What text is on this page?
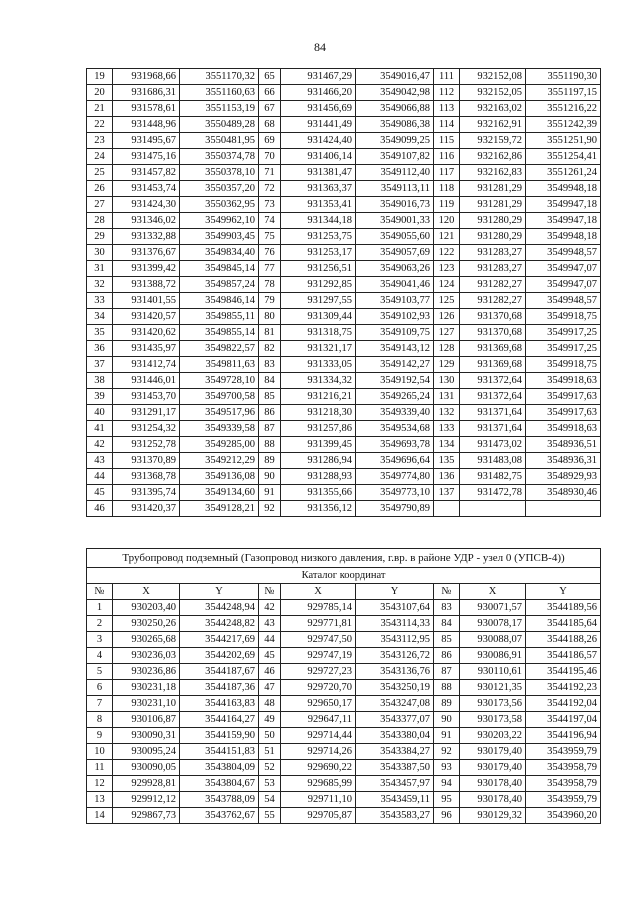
84
19	931968,66	3551170,32	65	931467,29	3549016,47	111	932152,08	3551190,30
20	931686,31	3551160,63	66	931466,20	3549042,98	112	932152,05	3551197,15
21	931578,61	3551153,19	67	931456,69	3549066,88	113	932163,02	3551216,22
22	931448,96	3550489,28	68	931441,49	3549086,38	114	932162,91	3551242,39
23	931495,67	3550481,95	69	931424,40	3549099,25	115	932159,72	3551251,90
24	931475,16	3550374,78	70	931406,14	3549107,82	116	932162,86	3551254,41
25	931457,82	3550378,10	71	931381,47	3549112,40	117	932162,83	3551261,24
26	931453,74	3550357,20	72	931363,37	3549113,11	118	931281,29	3549948,18
27	931424,30	3550362,95	73	931353,41	3549016,73	119	931281,29	3549947,18
28	931346,02	3549962,10	74	931344,18	3549001,33	120	931280,29	3549947,18
29	931332,88	3549903,45	75	931253,75	3549055,60	121	931280,29	3549948,18
30	931376,67	3549834,40	76	931253,17	3549057,69	122	931283,27	3549948,57
31	931399,42	3549845,14	77	931256,51	3549063,26	123	931283,27	3549947,07
32	931388,72	3549857,24	78	931292,85	3549041,46	124	931282,27	3549947,07
33	931401,55	3549846,14	79	931297,55	3549103,77	125	931282,27	3549948,57
34	931420,57	3549855,11	80	931309,44	3549102,93	126	931370,68	3549918,75
35	931420,62	3549855,14	81	931318,75	3549109,75	127	931370,68	3549917,25
36	931435,97	3549822,57	82	931321,17	3549143,12	128	931369,68	3549917,25
37	931412,74	3549811,63	83	931333,05	3549142,27	129	931369,68	3549918,75
38	931446,01	3549728,10	84	931334,32	3549192,54	130	931372,64	3549918,63
39	931453,70	3549700,58	85	931216,21	3549265,24	131	931372,64	3549917,63
40	931291,17	3549517,96	86	931218,30	3549339,40	132	931371,64	3549917,63
41	931254,32	3549339,58	87	931257,86	3549534,68	133	931371,64	3549918,63
42	931252,78	3549285,00	88	931399,45	3549693,78	134	931473,02	3548936,51
43	931370,89	3549212,29	89	931286,94	3549696,64	135	931483,08	3548936,31
44	931368,78	3549136,08	90	931288,93	3549774,80	136	931482,75	3548929,93
45	931395,74	3549134,60	91	931355,66	3549773,10	137	931472,78	3548930,46
46	931420,37	3549128,21	92	931356,12	3549790,89			
Трубопровод подземный (Газопровод низкого давления, г.вр. в районе УДР - узел 0 (УПСВ-4))								
Каталог координат								
№	X	Y	№	X	Y	№	X	Y
1	930203,40	3544248,94	42	929785,14	3543107,64	83	930071,57	3544189,56
2	930250,26	3544248,82	43	929771,81	3543114,33	84	930078,17	3544185,64
3	930265,68	3544217,69	44	929747,50	3543112,95	85	930088,07	3544188,26
4	930236,03	3544202,69	45	929747,19	3543126,72	86	930086,91	3544186,57
5	930236,86	3544187,67	46	929727,23	3543136,76	87	930110,61	3544195,46
6	930231,18	3544187,36	47	929720,70	3543250,19	88	930121,35	3544192,23
7	930231,10	3544163,83	48	929650,17	3543247,08	89	930173,56	3544192,04
8	930106,87	3544164,27	49	929647,11	3543377,07	90	930173,58	3544197,04
9	930090,31	3544159,90	50	929714,44	3543380,04	91	930203,22	3544196,94
10	930095,24	3544151,83	51	929714,26	3543384,27	92	930179,40	3543959,79
11	930090,05	3543804,09	52	929690,22	3543387,50	93	930179,40	3543958,79
12	929928,81	3543804,67	53	929685,99	3543457,97	94	930178,40	3543958,79
13	929912,12	3543788,09	54	929711,10	3543459,11	95	930178,40	3543959,79
14	929867,73	3543762,67	55	929705,87	3543583,27	96	930129,32	3543960,20
